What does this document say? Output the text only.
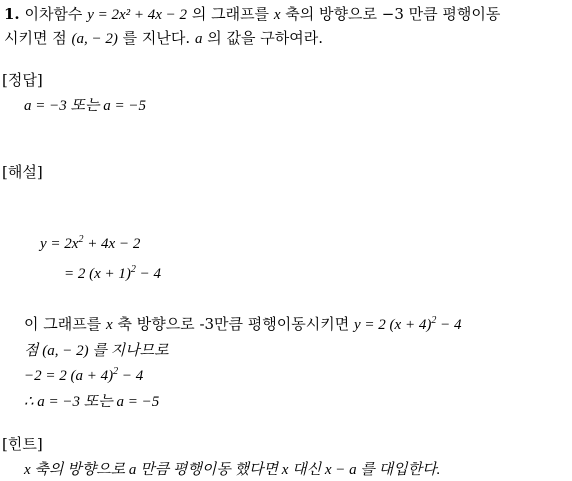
1. 이차함수 y = 2x² + 4x − 2 의 그래프를 x 축의 방향으로 −3 만큼 평행이동
시키면 점 (a, − 2) 를 지난다. a 의 값을 구하여라.
[정답]
a = −3 또는 a = −5
[해설]
$y = 2x^2 + 4x - 2$
= 2 $(x + 1)^2 - 4$
이 그래프를 x 축 방향으로 -3만큼 평행이동시키면 y = 2 $(x + 4)^2 - 4$
점 (a, − 2) 를 지나므로
−2 = 2 $(a + 4)^2 - 4$
∴ a = −3 또는 a = −5
[힌트]
x 축의 방향으로 a 만큼 평행이동 했다면 x 대신 x − a 를 대입한다.
